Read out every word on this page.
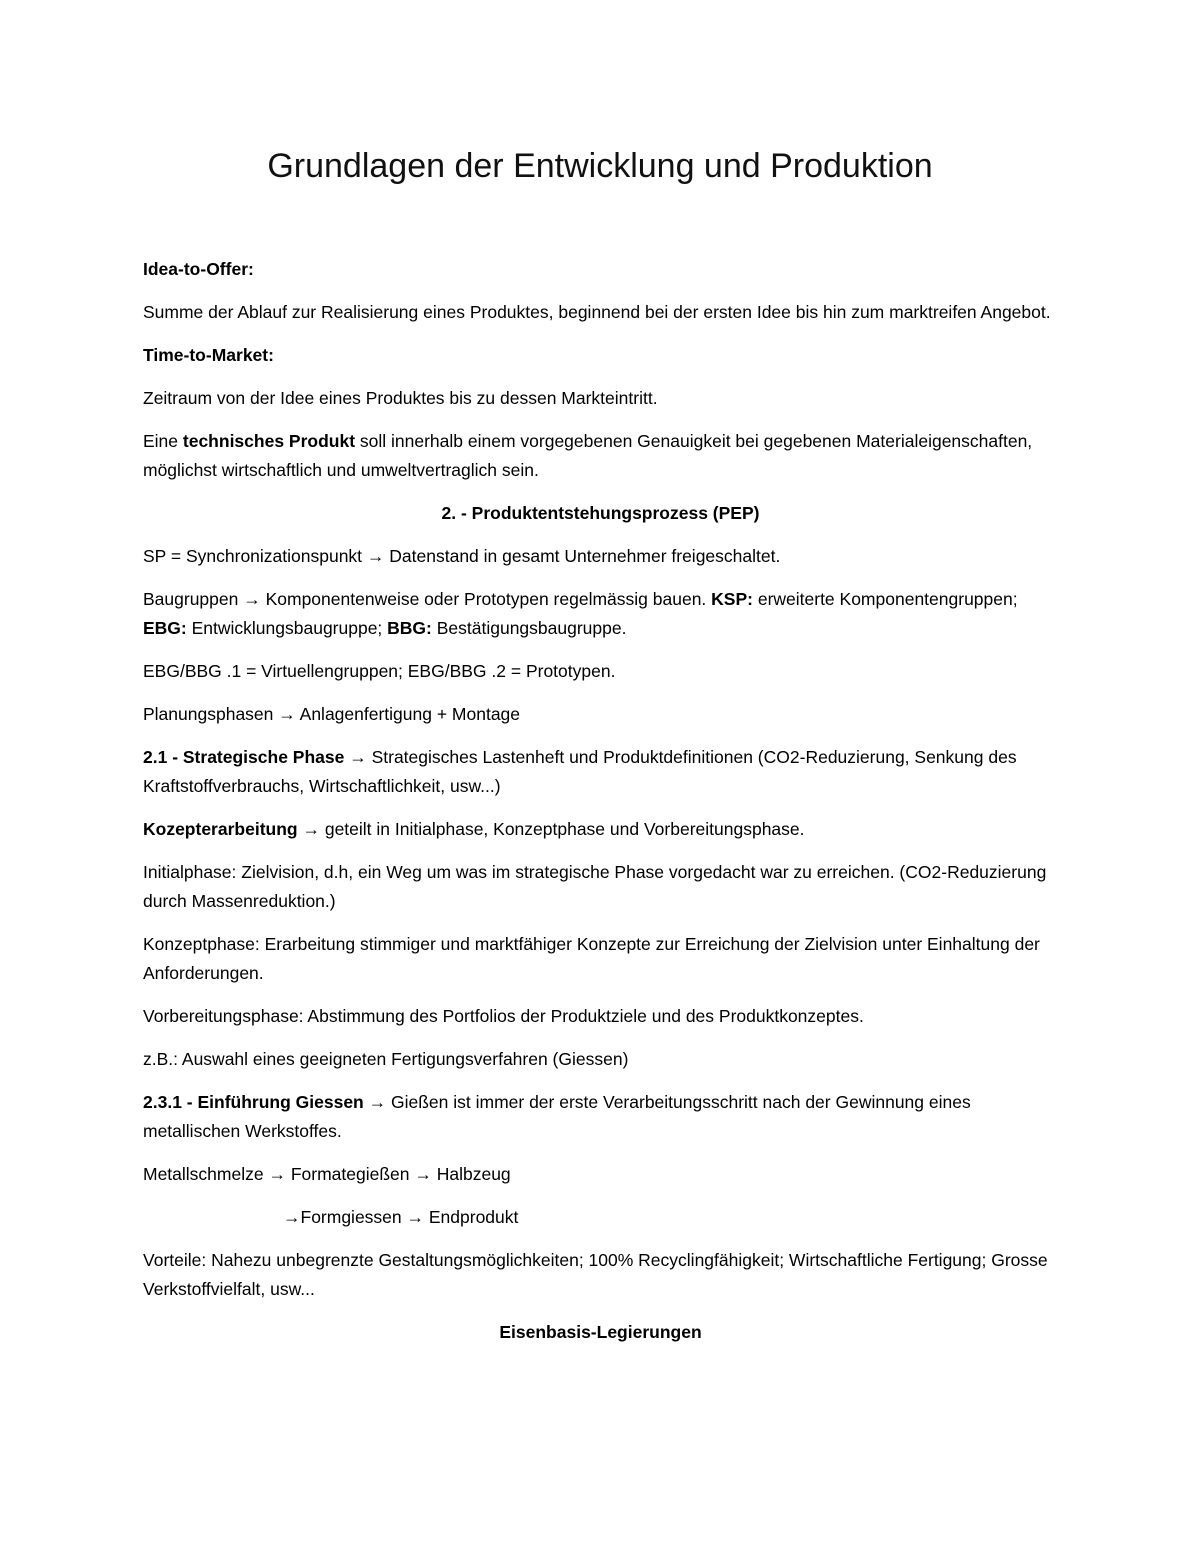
Grundlagen der Entwicklung und Produktion

Idea-to-Offer:

Summe der Ablauf zur Realisierung eines Produktes, beginnend bei der ersten Idee bis hin zum marktreifen Angebot.

Time-to-Market:

Zeitraum von der Idee eines Produktes bis zu dessen Markteintritt.

Eine technisches Produkt soll innerhalb einem vorgegebenen Genauigkeit bei gegebenen Materialeigenschaften, möglichst wirtschaftlich und umweltvertraglich sein.

2. - Produktentstehungsprozess (PEP)

SP = Synchronizationspunkt → Datenstand in gesamt Unternehmer freigeschaltet.

Baugruppen → Komponentenweise oder Prototypen regelmässig bauen. KSP: erweiterte Komponentengruppen; EBG: Entwicklungsbaugruppe; BBG: Bestätigungsbaugruppe.

EBG/BBG .1 = Virtuellengruppen; EBG/BBG .2 = Prototypen.

Planungsphasen → Anlagenfertigung + Montage

2.1 - Strategische Phase → Strategisches Lastenheft und Produktdefinitionen (CO2-Reduzierung, Senkung des Kraftstoffverbrauchs, Wirtschaftlichkeit, usw...)

Kozepterarbeitung → geteilt in Initialphase, Konzeptphase und Vorbereitungsphase.

Initialphase: Zielvision, d.h, ein Weg um was im strategische Phase vorgedacht war zu erreichen. (CO2-Reduzierung durch Massenreduktion.)

Konzeptphase: Erarbeitung stimmiger und marktfähiger Konzepte zur Erreichung der Zielvision unter Einhaltung der Anforderungen.

Vorbereitungsphase: Abstimmung des Portfolios der Produktziele und des Produktkonzeptes.

z.B.: Auswahl eines geeigneten Fertigungsverfahren (Giessen)

2.3.1 - Einführung Giessen → Gießen ist immer der erste Verarbeitungsschritt nach der Gewinnung eines metallischen Werkstoffes.

Metallschmelze → Formategießen → Halbzeug

→Formgiessen → Endprodukt

Vorteile: Nahezu unbegrenzte Gestaltungsmöglichkeiten; 100% Recyclingfähigkeit; Wirtschaftliche Fertigung; Grosse Verkstoffvielfalt, usw...

Eisenbasis-Legierungen
